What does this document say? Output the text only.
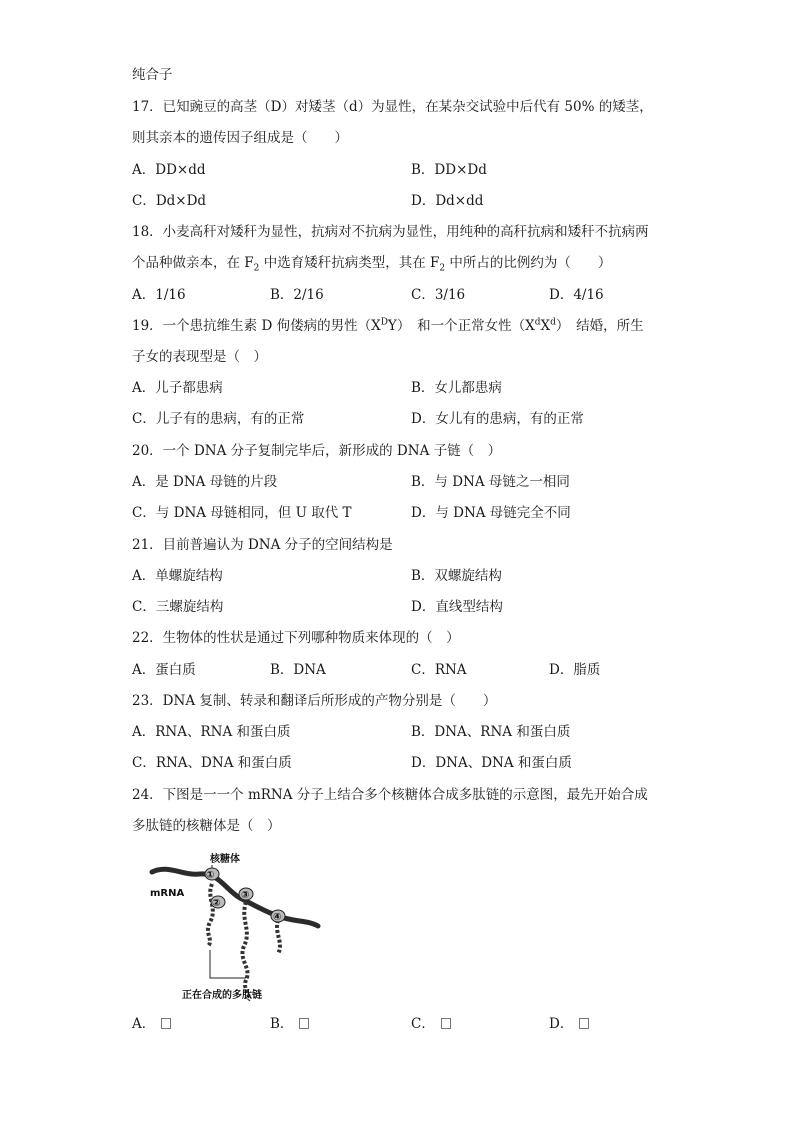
纯合子
17．已知豌豆的高茎（D）对矮茎（d）为显性，在某杂交试验中后代有 50% 的矮茎，
则其亲本的遗传因子组成是（　　）
A．DD×dd	B．DD×Dd
C．Dd×Dd	D．Dd×dd
18．小麦高秆对矮秆为显性，抗病对不抗病为显性，用纯种的高秆抗病和矮秆不抗病两
个品种做亲本，在 $F_2$ 中选育矮秆抗病类型，其在 $F_2$ 中所占的比例约为（　　）
A．1/16	B．2/16	C．3/16	D．4/16
19．一个患抗维生素 D 佝偻病的男性$(X^DY)$　和一个正常女性$(X^dX^d)$　结婚，所生
子女的表现型是（　）
A．儿子都患病	B．女儿都患病
C．儿子有的患病，有的正常	D．女儿有的患病，有的正常
20．一个 DNA 分子复制完毕后，新形成的 DNA 子链（　）
A．是 DNA 母链的片段	B．与 DNA 母链之一相同
C．与 DNA 母链相同，但 U 取代 T	D．与 DNA 母链完全不同
21．目前普遍认为 DNA 分子的空间结构是
A．单螺旋结构	B．双螺旋结构
C．三螺旋结构	D．直线型结构
22．生物体的性状是通过下列哪种物质来体现的（　）
A．蛋白质	B．DNA	C．RNA	D．脂质
23．DNA 复制、转录和翻译后所形成的产物分别是（　　）
A．RNA、RNA 和蛋白质	B．DNA、RNA 和蛋白质
C．RNA、DNA 和蛋白质	D．DNA、DNA 和蛋白质
24．下图是一一个 mRNA 分子上结合多个核糖体合成多肽链的示意图，最先开始合成
多肽链的核糖体是（　）
①
②
③
④
核糖体
mRNA
正在合成的多肽链
A．	B．	C．	D．
